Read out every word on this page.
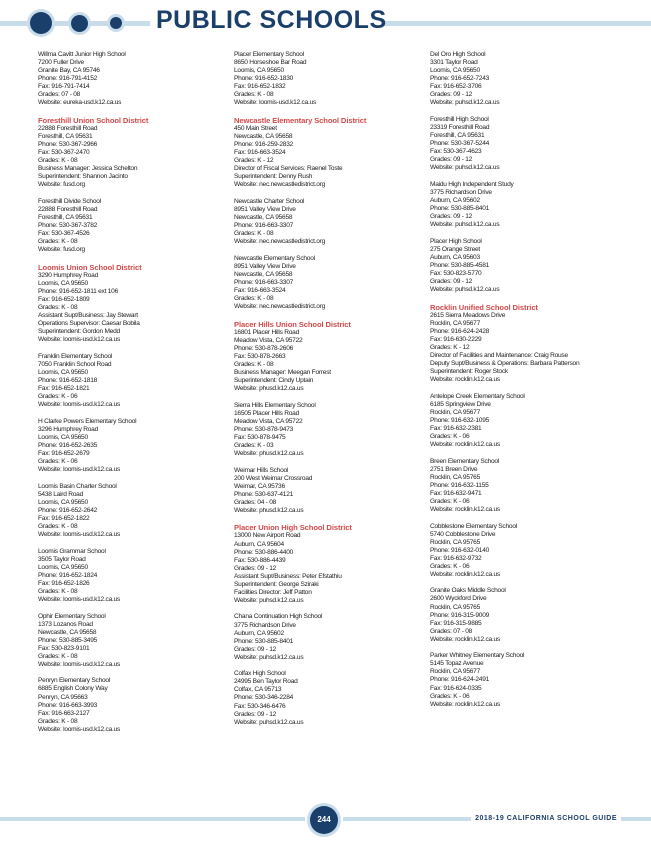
PUBLIC SCHOOLS
Willma Cavitt Junior High School
7200 Fuller Drive
Granite Bay, CA 95746
Phone: 916-791-4152
Fax: 916-791-7414
Grades: 07 - 08
Website: eureka-usd.k12.ca.us
Foresthill Union School District
22888 Foresthill Road
Foresthill, CA 95631
Phone: 530-367-2966
Fax: 530-367-2470
Grades: K - 08
Business Manager: Jessica Schelton
Superintendent: Shannon Jacinto
Website: fusd.org
Foresthill Divide School
22888 Foresthill Road
Foresthill, CA 95631
Phone: 530-367-3782
Fax: 530-367-4526
Grades: K - 08
Website: fusd.org
Loomis Union School District
3290 Humphrey Road
Loomis, CA 95650
Phone: 916-652-1811 ext 106
Fax: 916-652-1809
Grades: K - 08
Assistant Supt/Business: Jay Stewart
Operations Supervisor: Caesar Bobila
Superintendent: Gordon Medd
Website: loomis-usd.k12.ca.us
Franklin Elementary School
7050 Franklin School Road
Loomis, CA 95650
Phone: 916-652-1818
Fax: 916-652-1821
Grades: K - 06
Website: loomis-usd.k12.ca.us
H Clarke Powers Elementary School
3296 Humphrey Road
Loomis, CA 95650
Phone: 916-652-2635
Fax: 916-652-2679
Grades: K - 06
Website: loomis-usd.k12.ca.us
Loomis Basin Charter School
5438 Laird Road
Loomis, CA 95650
Phone: 916-652-2642
Fax: 916-652-1822
Grades: K - 08
Website: loomis-usd.k12.ca.us
Loomis Grammar School
3505 Taylor Road
Loomis, CA 95650
Phone: 916-652-1824
Fax: 916-652-1826
Grades: K - 08
Website: loomis-usd.k12.ca.us
Ophir Elementary School
1373 Lozanos Road
Newcastle, CA 95658
Phone: 530-885-3495
Fax: 530-823-9101
Grades: K - 08
Website: loomis-usd.k12.ca.us
Penryn Elementary School
6885 English Colony Way
Penryn, CA 95663
Phone: 916-663-3993
Fax: 916-663-2127
Grades: K - 08
Website: loomis-usd.k12.ca.us
Placer Elementary School
8650 Horseshoe Bar Road
Loomis, CA 95650
Phone: 916-652-1830
Fax: 916-652-1832
Grades: K - 08
Website: loomis-usd.k12.ca.us
Newcastle Elementary School District
450 Main Street
Newcastle, CA 95658
Phone: 916-259-2832
Fax: 916-663-3524
Grades: K - 12
Director of Fiscal Services: Raenel Toste
Superintendent: Denny Rush
Website: nec.newcastledistrict.org
Newcastle Charter School
8951 Valley View Drive
Newcastle, CA 95658
Phone: 916-663-3307
Grades: K - 08
Website: nec.newcastledistrict.org
Newcastle Elementary School
8951 Valley View Drive
Newcastle, CA 95658
Phone: 916-663-3307
Fax: 916-663-3524
Grades: K - 08
Website: nec.newcastledistrict.org
Placer Hills Union School District
16801 Placer Hills Road
Meadow Vista, CA 95722
Phone: 530-878-2606
Fax: 530-878-2663
Grades: K - 08
Business Manager: Meegan Forrest
Superintendent: Cindy Uptain
Website: phusd.k12.ca.us
Sierra Hills Elementary School
16505 Placer Hills Road
Meadow Vista, CA 95722
Phone: 530-878-9473
Fax: 530-878-9475
Grades: K - 03
Website: phusd.k12.ca.us
Weimar Hills School
200 West Weimar Crossroad
Weimar, CA 95736
Phone: 530-637-4121
Grades: 04 - 08
Website: phusd.k12.ca.us
Placer Union High School District
13000 New Airport Road
Auburn, CA 95604
Phone: 530-886-4400
Fax: 530-886-4439
Grades: 09 - 12
Assistant Supt/Business: Peter Efstathiu
Superintendent: George Sziraki
Facilities Director: Jeff Patton
Website: puhsd.k12.ca.us
Chana Continuation High School
3775 Richardson Drive
Auburn, CA 95602
Phone: 530-885-8401
Grades: 09 - 12
Website: puhsd.k12.ca.us
Colfax High School
24995 Ben Taylor Road
Colfax, CA 95713
Phone: 530-346-2284
Fax: 530-346-6476
Grades: 09 - 12
Website: puhsd.k12.ca.us
Del Oro High School
3301 Taylor Road
Loomis, CA 95650
Phone: 916-652-7243
Fax: 916-652-3706
Grades: 09 - 12
Website: puhsd.k12.ca.us
Foresthill High School
23319 Foresthill Road
Foresthill, CA 95631
Phone: 530-367-5244
Fax: 530-367-4623
Grades: 09 - 12
Website: puhsd.k12.ca.us
Maidu High Independent Study
3775 Richardson Drive
Auburn, CA 95602
Phone: 530-885-8401
Grades: 09 - 12
Website: puhsd.k12.ca.us
Placer High School
275 Orange Street
Auburn, CA 95603
Phone: 530-885-4581
Fax: 530-823-5770
Grades: 09 - 12
Website: puhsd.k12.ca.us
Rocklin Unified School District
2615 Sierra Meadows Drive
Rocklin, CA 95677
Phone: 916-624-2428
Fax: 916-630-2229
Grades: K - 12
Director of Facilities and Maintenance: Craig Rouse
Deputy Supt/Business & Operations: Barbara Patterson
Superintendent: Roger Stock
Website: rocklin.k12.ca.us
Antelope Creek Elementary School
6185 Springview Drive
Rocklin, CA 95677
Phone: 916-632-1095
Fax: 916-632-2381
Grades: K - 06
Website: rocklin.k12.ca.us
Breen Elementary School
2751 Breen Drive
Rocklin, CA 95765
Phone: 916-632-1155
Fax: 916-632-9471
Grades: K - 06
Website: rocklin.k12.ca.us
Cobblestone Elementary School
5740 Cobblestone Drive
Rocklin, CA 95765
Phone: 916-632-0140
Fax: 916-632-9732
Grades: K - 06
Website: rocklin.k12.ca.us
Granite Oaks Middle School
2600 Wyckford Drive
Rocklin, CA 95765
Phone: 916-315-9009
Fax: 916-315-9885
Grades: 07 - 08
Website: rocklin.k12.ca.us
Parker Whitney Elementary School
5145 Topaz Avenue
Rocklin, CA 95677
Phone: 916-624-2491
Fax: 916-624-0335
Grades: K - 06
Website: rocklin.k12.ca.us
244	2018-19 CALIFORNIA SCHOOL GUIDE
